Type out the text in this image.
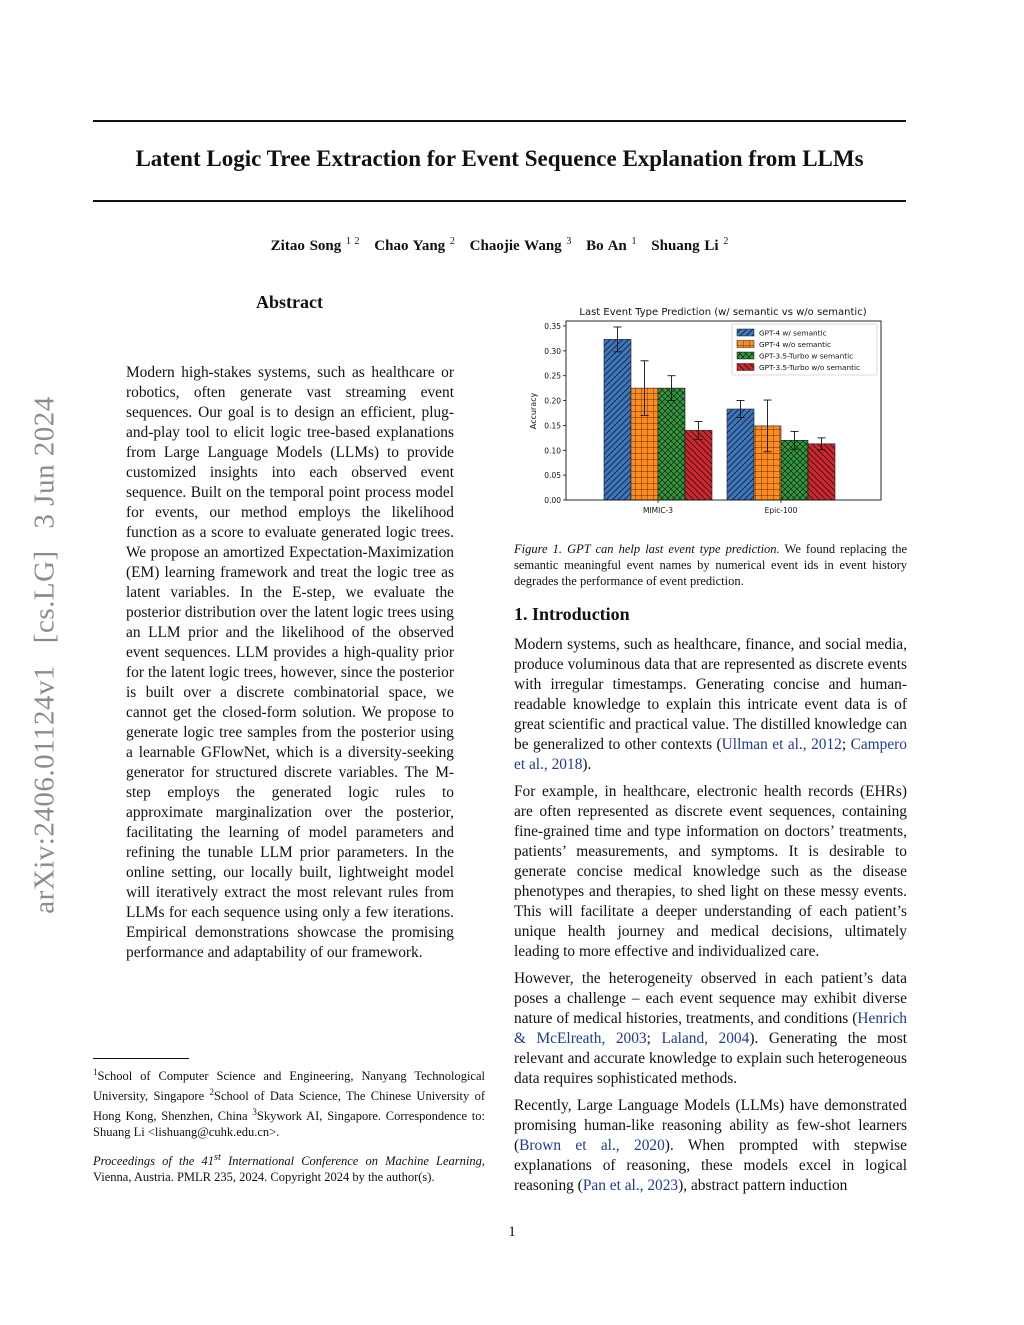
Latent Logic Tree Extraction for Event Sequence Explanation from LLMs
Zitao Song $^{1 2}$ Chao Yang $^2$ Chaojie Wang $^3$ Bo An $^1$ Shuang Li $^2$
arXiv:2406.01124v1 [cs.LG] 3 Jun 2024
Abstract
Modern high-stakes systems, such as healthcare or robotics, often generate vast streaming event sequences. Our goal is to design an efficient, plug-and-play tool to elicit logic tree-based explanations from Large Language Models (LLMs) to provide customized insights into each observed event sequence. Built on the temporal point process model for events, our method employs the likelihood function as a score to evaluate generated logic trees. We propose an amortized Expectation-Maximization (EM) learning framework and treat the logic tree as latent variables. In the E-step, we evaluate the posterior distribution over the latent logic trees using an LLM prior and the likelihood of the observed event sequences. LLM provides a high-quality prior for the latent logic trees, however, since the posterior is built over a discrete combinatorial space, we cannot get the closed-form solution. We propose to generate logic tree samples from the posterior using a learnable GFlowNet, which is a diversity-seeking generator for structured discrete variables. The M-step employs the generated logic rules to approximate marginalization over the posterior, facilitating the learning of model parameters and refining the tunable LLM prior parameters. In the online setting, our locally built, lightweight model will iteratively extract the most relevant rules from LLMs for each sequence using only a few iterations. Empirical demonstrations showcase the promising performance and adaptability of our framework.
$^1$School of Computer Science and Engineering, Nanyang Technological University, Singapore $^2$School of Data Science, The Chinese University of Hong Kong, Shenzhen, China $^3$Skywork AI, Singapore. Correspondence to: Shuang Li <lishuang@cuhk.edu.cn>.
Proceedings of the 41st International Conference on Machine Learning, Vienna, Austria. PMLR 235, 2024. Copyright 2024 by the author(s).
Last Event Type Prediction (w/ semantic vs w/o semantic)
Accuracy
0.00
0.05
0.10
0.15
0.20
0.25
0.30
0.35
MIMIC-3	Epic-100
GPT-4 w/ semantic
GPT-4 w/o semantic
GPT-3.5-Turbo w semantic
GPT-3.5-Turbo w/o semantic
Figure 1. GPT can help last event type prediction. We found replacing the semantic meaningful event names by numerical event ids in event history degrades the performance of event prediction.
1. Introduction

Modern systems, such as healthcare, finance, and social media, produce voluminous data that are represented as discrete events with irregular timestamps. Generating concise and human-readable knowledge to explain this intricate event data is of great scientific and practical value. The distilled knowledge can be generalized to other contexts (Ullman et al., 2012; Campero et al., 2018).

For example, in healthcare, electronic health records (EHRs) are often represented as discrete event sequences, containing fine-grained time and type information on doctors’ treatments, patients’ measurements, and symptoms. It is desirable to generate concise medical knowledge such as the disease phenotypes and therapies, to shed light on these messy events. This will facilitate a deeper understanding of each patient’s unique health journey and medical decisions, ultimately leading to more effective and individualized care.

However, the heterogeneity observed in each patient’s data poses a challenge – each event sequence may exhibit diverse nature of medical histories, treatments, and conditions (Henrich & McElreath, 2003; Laland, 2004). Generating the most relevant and accurate knowledge to explain such heterogeneous data requires sophisticated methods.

Recently, Large Language Models (LLMs) have demonstrated promising human-like reasoning ability as few-shot learners (Brown et al., 2020). When prompted with stepwise explanations of reasoning, these models excel in logical reasoning (Pan et al., 2023), abstract pattern induction

1
